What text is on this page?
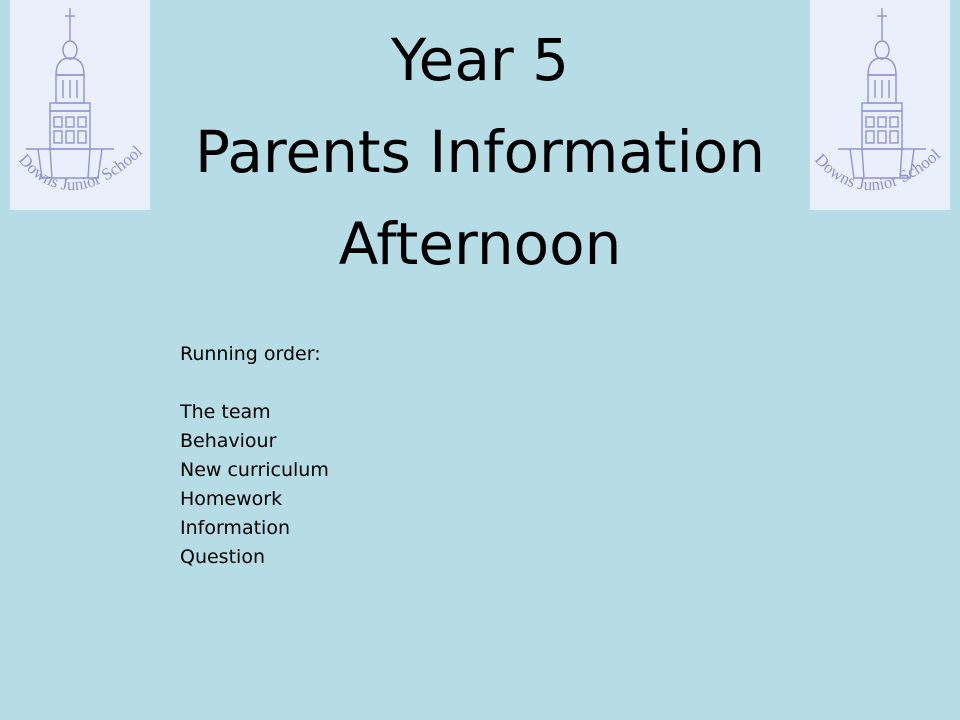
Downs Junior School	Downs Junior School
Year 5
Parents Information
Afternoon
Running order:
The team
Behaviour
New curriculum
Homework
Information
Question
